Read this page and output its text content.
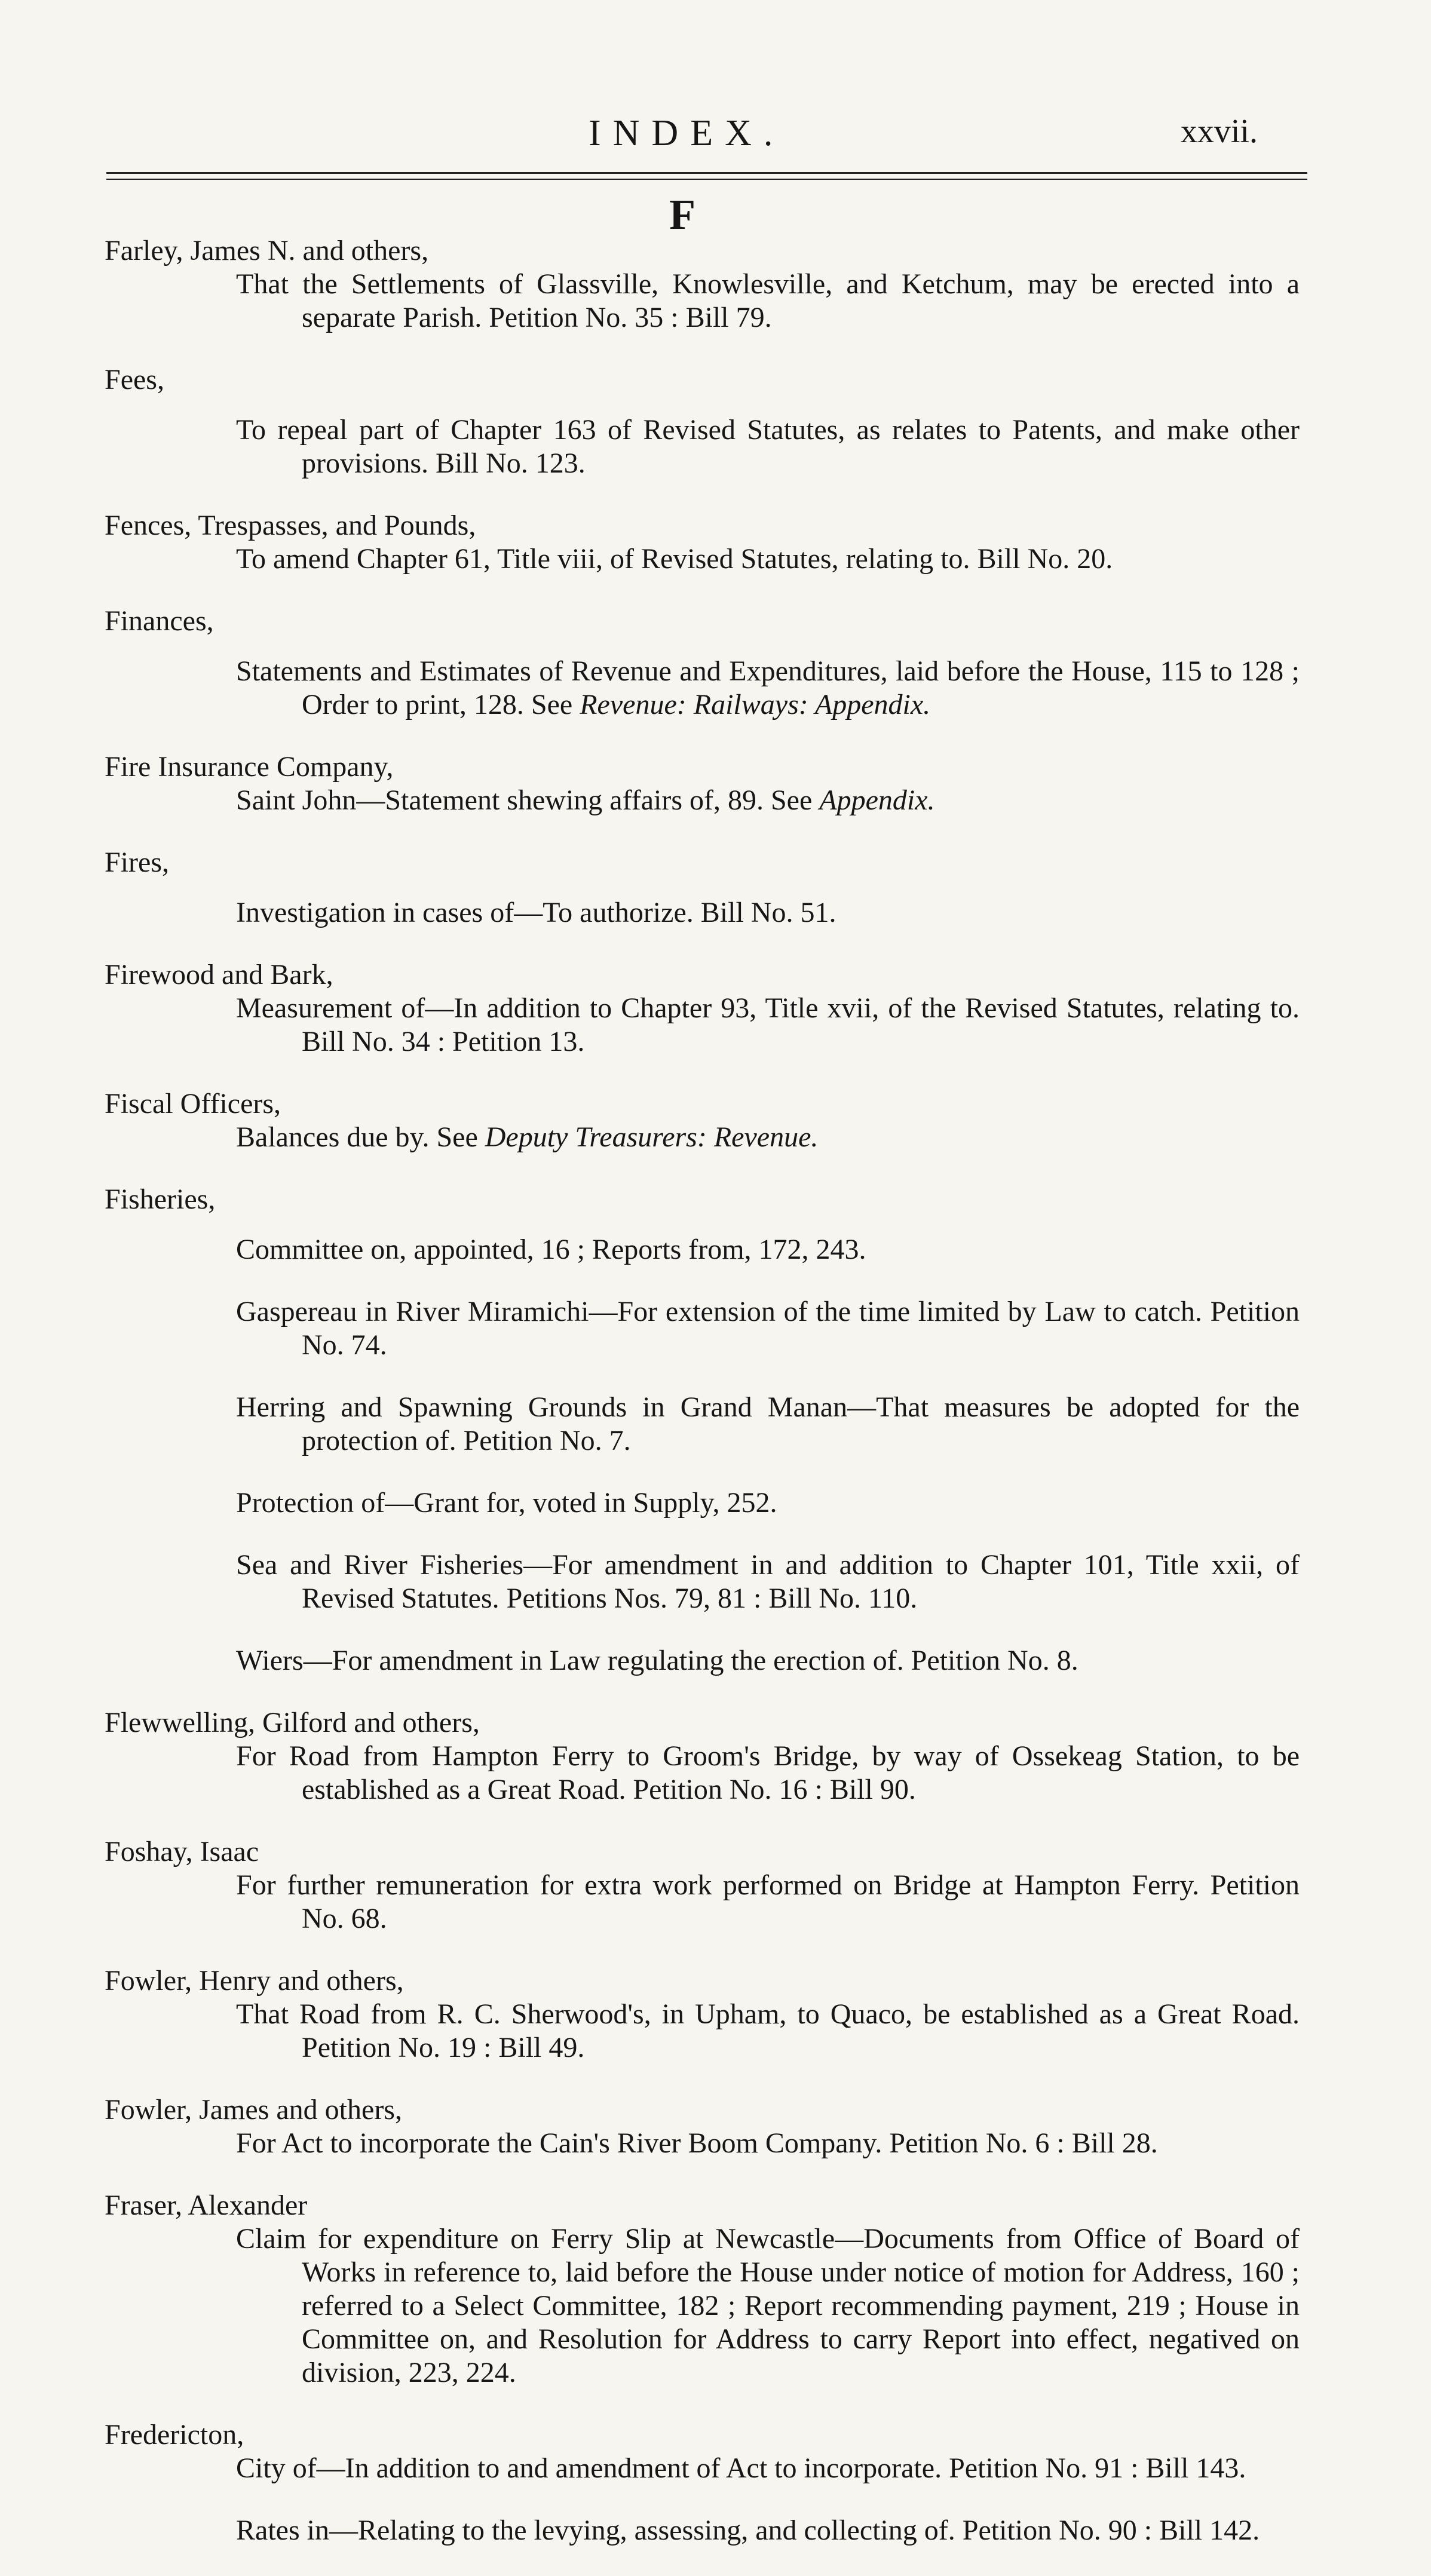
INDEX.	xxvii.
F

Farley, James N. and others,

That the Settlements of Glassville, Knowlesville, and Ketchum, may be erected into a separate Parish. Petition No. 35 : Bill 79.

Fees,

To repeal part of Chapter 163 of Revised Statutes, as relates to Patents, and make other provisions. Bill No. 123.

Fences, Trespasses, and Pounds,

To amend Chapter 61, Title viii, of Revised Statutes, relating to. Bill No. 20.

Finances,

Statements and Estimates of Revenue and Expenditures, laid before the House, 115 to 128 ; Order to print, 128. See Revenue: Railways: Appendix.

Fire Insurance Company,

Saint John—Statement shewing affairs of, 89. See Appendix.

Fires,

Investigation in cases of—To authorize. Bill No. 51.

Firewood and Bark,

Measurement of—In addition to Chapter 93, Title xvii, of the Revised Statutes, relating to. Bill No. 34 : Petition 13.

Fiscal Officers,

Balances due by. See Deputy Treasurers: Revenue.

Fisheries,

Committee on, appointed, 16 ; Reports from, 172, 243.

Gaspereau in River Miramichi—For extension of the time limited by Law to catch. Petition No. 74.

Herring and Spawning Grounds in Grand Manan—That measures be adopted for the protection of. Petition No. 7.

Protection of—Grant for, voted in Supply, 252.

Sea and River Fisheries—For amendment in and addition to Chapter 101, Title xxii, of Revised Statutes. Petitions Nos. 79, 81 : Bill No. 110.

Wiers—For amendment in Law regulating the erection of. Petition No. 8.

Flewwelling, Gilford and others,

For Road from Hampton Ferry to Groom's Bridge, by way of Ossekeag Station, to be established as a Great Road. Petition No. 16 : Bill 90.

Foshay, Isaac

For further remuneration for extra work performed on Bridge at Hampton Ferry. Petition No. 68.

Fowler, Henry and others,

That Road from R. C. Sherwood's, in Upham, to Quaco, be established as a Great Road. Petition No. 19 : Bill 49.

Fowler, James and others,

For Act to incorporate the Cain's River Boom Company. Petition No. 6 : Bill 28.

Fraser, Alexander

Claim for expenditure on Ferry Slip at Newcastle—Documents from Office of Board of Works in reference to, laid before the House under notice of motion for Address, 160 ; referred to a Select Committee, 182 ; Report recommending payment, 219 ; House in Committee on, and Resolution for Address to carry Report into effect, negatived on division, 223, 224.

Fredericton,

City of—In addition to and amendment of Act to incorporate. Petition No. 91 : Bill 143.

Rates in—Relating to the levying, assessing, and collecting of. Petition No. 90 : Bill 142.
